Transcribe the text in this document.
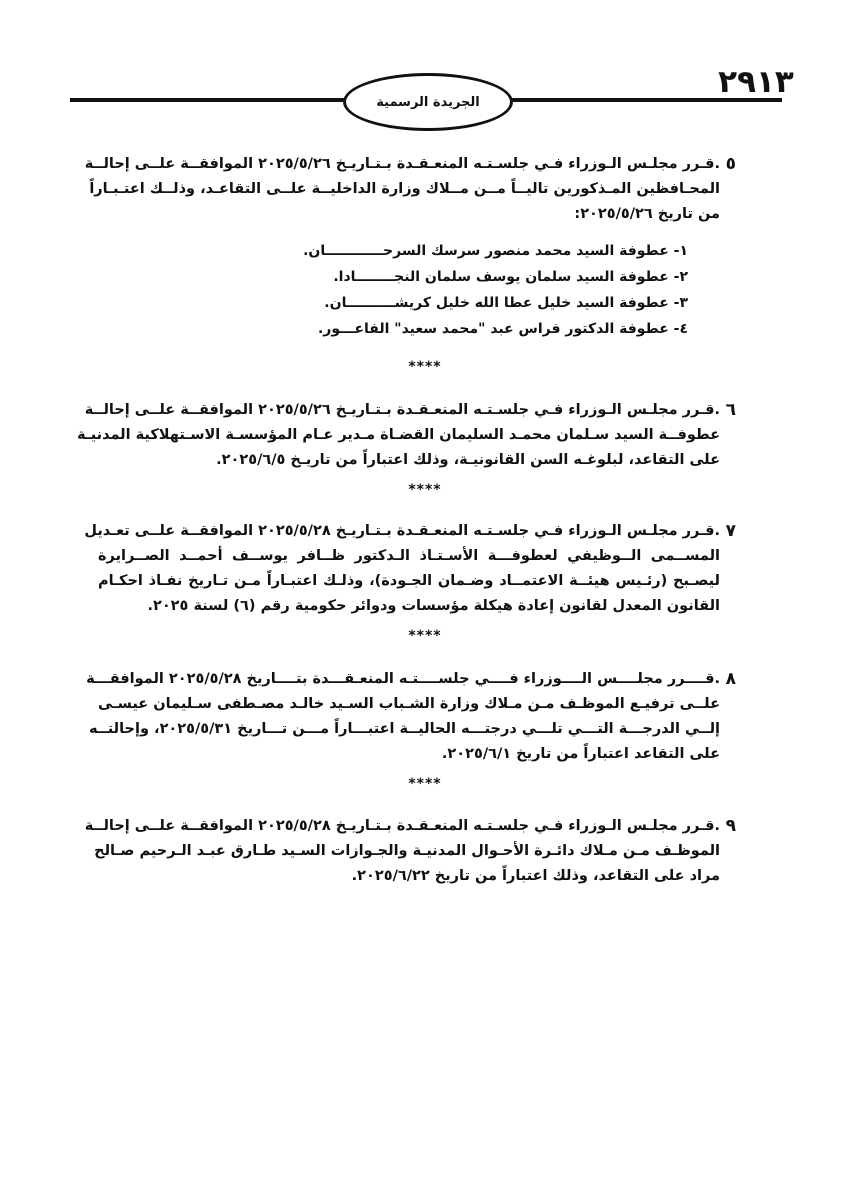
الجريدة الرسمية
٢٩١٣
٥
.قـرر مجلـس الـوزراء فـي جلسـتـه المنعـقـدة بـتـاريـخ ٢٠٢٥/٥/٢٦ الموافقــة علــى إحالــة
المحـافظين المـذكورين تاليــاً مــن مــلاك وزارة الداخليــة علــى التقاعـد، وذلــك اعتـبـاراً
من تاريخ ٢٠٢٥/٥/٢٦:
١- عطوفة السيد محمد منصور سرسك السرحــــــــــــان.
٢- عطوفة السيد سلمان يوسف سلمان النجــــــــادا.
٣- عطوفة السيد خليل عطا الله خليل كريشــــــــــان.
٤- عطوفة الدكتور فراس عبد "محمد سعيد" الفاعـــور.
****
٦
.قـرر مجلـس الـوزراء فـي جلسـتـه المنعـقـدة بـتـاريـخ ٢٠٢٥/٥/٢٦ الموافقــة علــى إحالــة
عطوفــة السيد سـلمان محمـد السليمان القضـاة مـدير عـام المؤسسـة الاسـتهلاكية المدنيـة
على التقاعد، لبلوغـه السن القانونيـة، وذلك اعتباراً من تاريـخ ٢٠٢٥/٦/٥.
****
٧
.قـرر مجلـس الـوزراء فـي جلسـتـه المنعـقـدة بـتـاريـخ ٢٠٢٥/٥/٢٨ الموافقــة علــى تعـديل
المســمى الــوظيفي لعطوفـــة الأسـتـاذ الـدكتور ظــافر يوســف أحمــد الصــرايرة
ليصـبح (رئـيس هيئــة الاعتمــاد وضـمان الجـودة)، وذلـك اعتبـاراً مـن تـاريخ نفـاذ احكـام
القانون المعدل لقانون إعادة هيكلة مؤسسات ودوائر حكومية رقم (٦) لسنة ٢٠٢٥.
****
٨
.قــــرر مجلــــس الــــوزراء فــــي جلســــتـه المنعـقـــدة بتــــاريخ ٢٠٢٥/٥/٢٨ الموافقـــة
علــى ترفيـع الموظـف مـن مـلاك وزارة الشـباب السـيد خالـد مصـطفى سـليمان عيسـى
إلــي الدرجـــة التـــي تلـــي درجتـــه الحاليــة اعتبـــاراً مـــن تـــاريخ ٢٠٢٥/٥/٣١، وإحالتــه
على التقاعد اعتباراً من تاريخ ٢٠٢٥/٦/١.
****
٩
.قـرر مجلـس الـوزراء فـي جلسـتـه المنعـقـدة بـتـاريـخ ٢٠٢٥/٥/٢٨ الموافقــة علــى إحالــة
الموظـف مـن مـلاك دائـرة الأحـوال المدنيـة والجـوازات السـيد طـارق عبـد الـرحيم صـالح
مراد على التقاعد، وذلك اعتباراً من تاريخ ٢٠٢٥/٦/٢٢.
